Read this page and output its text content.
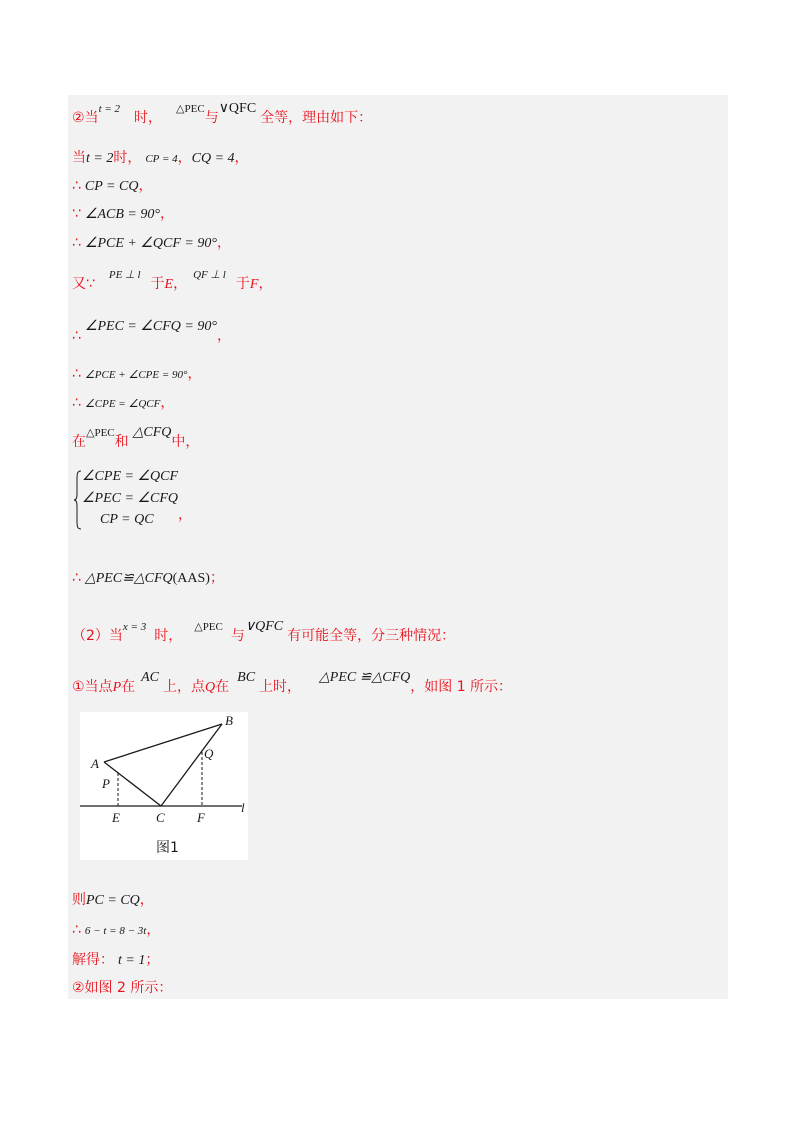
②当$^{t = 2}$时，$^{\triangle PEC}$与∨QFC全等，理由如下：
当t = 2时， CP = 4，CQ = 4，
∴ CP = CQ，
∵ ∠ACB = 90°，
∴ ∠PCE + ∠QCF = 90°，
又∵$^{PE \perp l}$于E，$^{QF \perp l}$于F，
∴∠PEC = ∠CFQ = 90°，
∴ ∠PCE + ∠CPE = 90°，
∴ ∠CPE = ∠QCF，
在$^{\triangle PEC}$和△CFQ中，
∠CPE = ∠QCF
∠PEC = ∠CFQ
CP = QC ，
∴ △PEC≌△CFQ(AAS)；
（2）当$^{x = 3}$时，$^{\triangle PEC}$与∨QFC有可能全等，分三种情况：
①当点P在AC上，点Q在BC上时，△PEC ≌△CFQ，如图 1 所示：
A
B
P
Q
E	C F
l
图1
则PC = CQ，
∴ 6 − t = 8 − 3t，
解得： t = 1；
②如图 2 所示：
